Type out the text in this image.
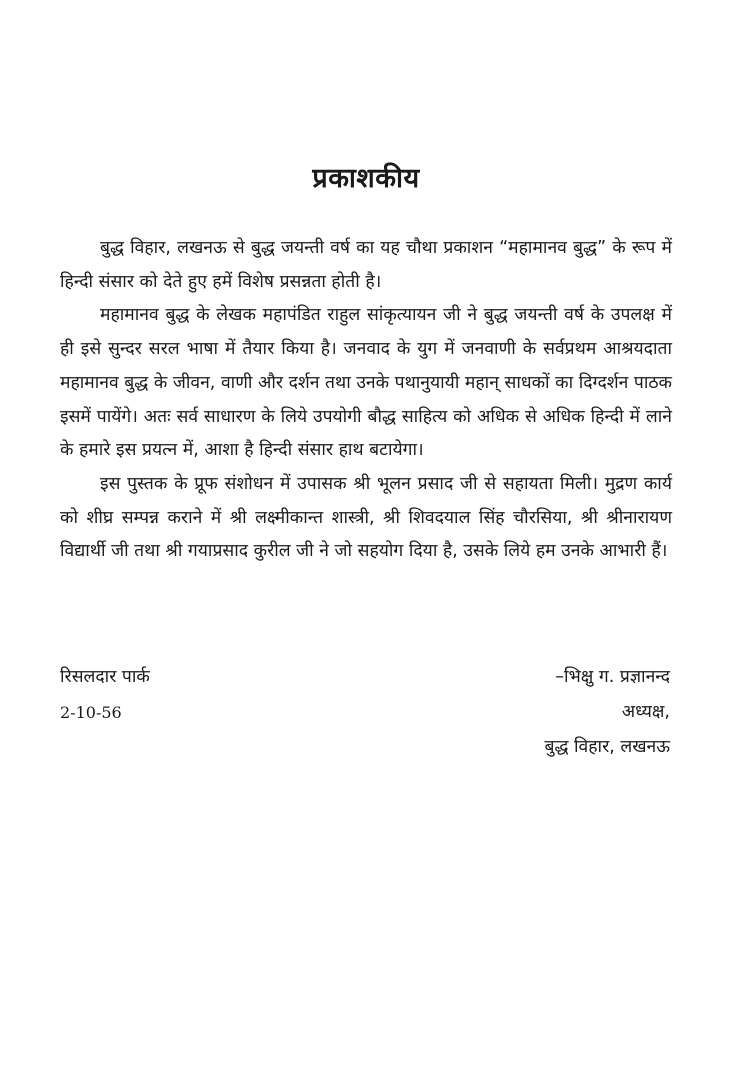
प्रकाशकीय

बुद्ध विहार, लखनऊ से बुद्ध जयन्ती वर्ष का यह चौथा प्रकाशन “महामानव बुद्ध” के रूप में हिन्दी संसार को देते हुए हमें विशेष प्रसन्नता होती है।

महामानव बुद्ध के लेखक महापंडित राहुल सांकृत्यायन जी ने बुद्ध जयन्ती वर्ष के उपलक्ष में ही इसे सुन्दर सरल भाषा में तैयार किया है। जनवाद के युग में जनवाणी के सर्वप्रथम आश्रयदाता महामानव बुद्ध के जीवन, वाणी और दर्शन तथा उनके पथानुयायी महान् साधकों का दिग्दर्शन पाठक इसमें पायेंगे। अतः सर्व साधारण के लिये उपयोगी बौद्ध साहित्य को अधिक से अधिक हिन्दी में लाने के हमारे इस प्रयत्न में, आशा है हिन्दी संसार हाथ बटायेगा।

इस पुस्तक के प्रूफ संशोधन में उपासक श्री भूलन प्रसाद जी से सहायता मिली। मुद्रण कार्य को शीघ्र सम्पन्न कराने में श्री लक्ष्मीकान्त शास्त्री, श्री शिवदयाल सिंह चौरसिया, श्री श्रीनारायण विद्यार्थी जी तथा श्री गयाप्रसाद कुरील जी ने जो सहयोग दिया है, उसके लिये हम उनके आभारी हैं।

रिसलदार पार्क
2-10-56
–भिक्षु ग. प्रज्ञानन्द
अध्यक्ष,
बुद्ध विहार, लखनऊ
